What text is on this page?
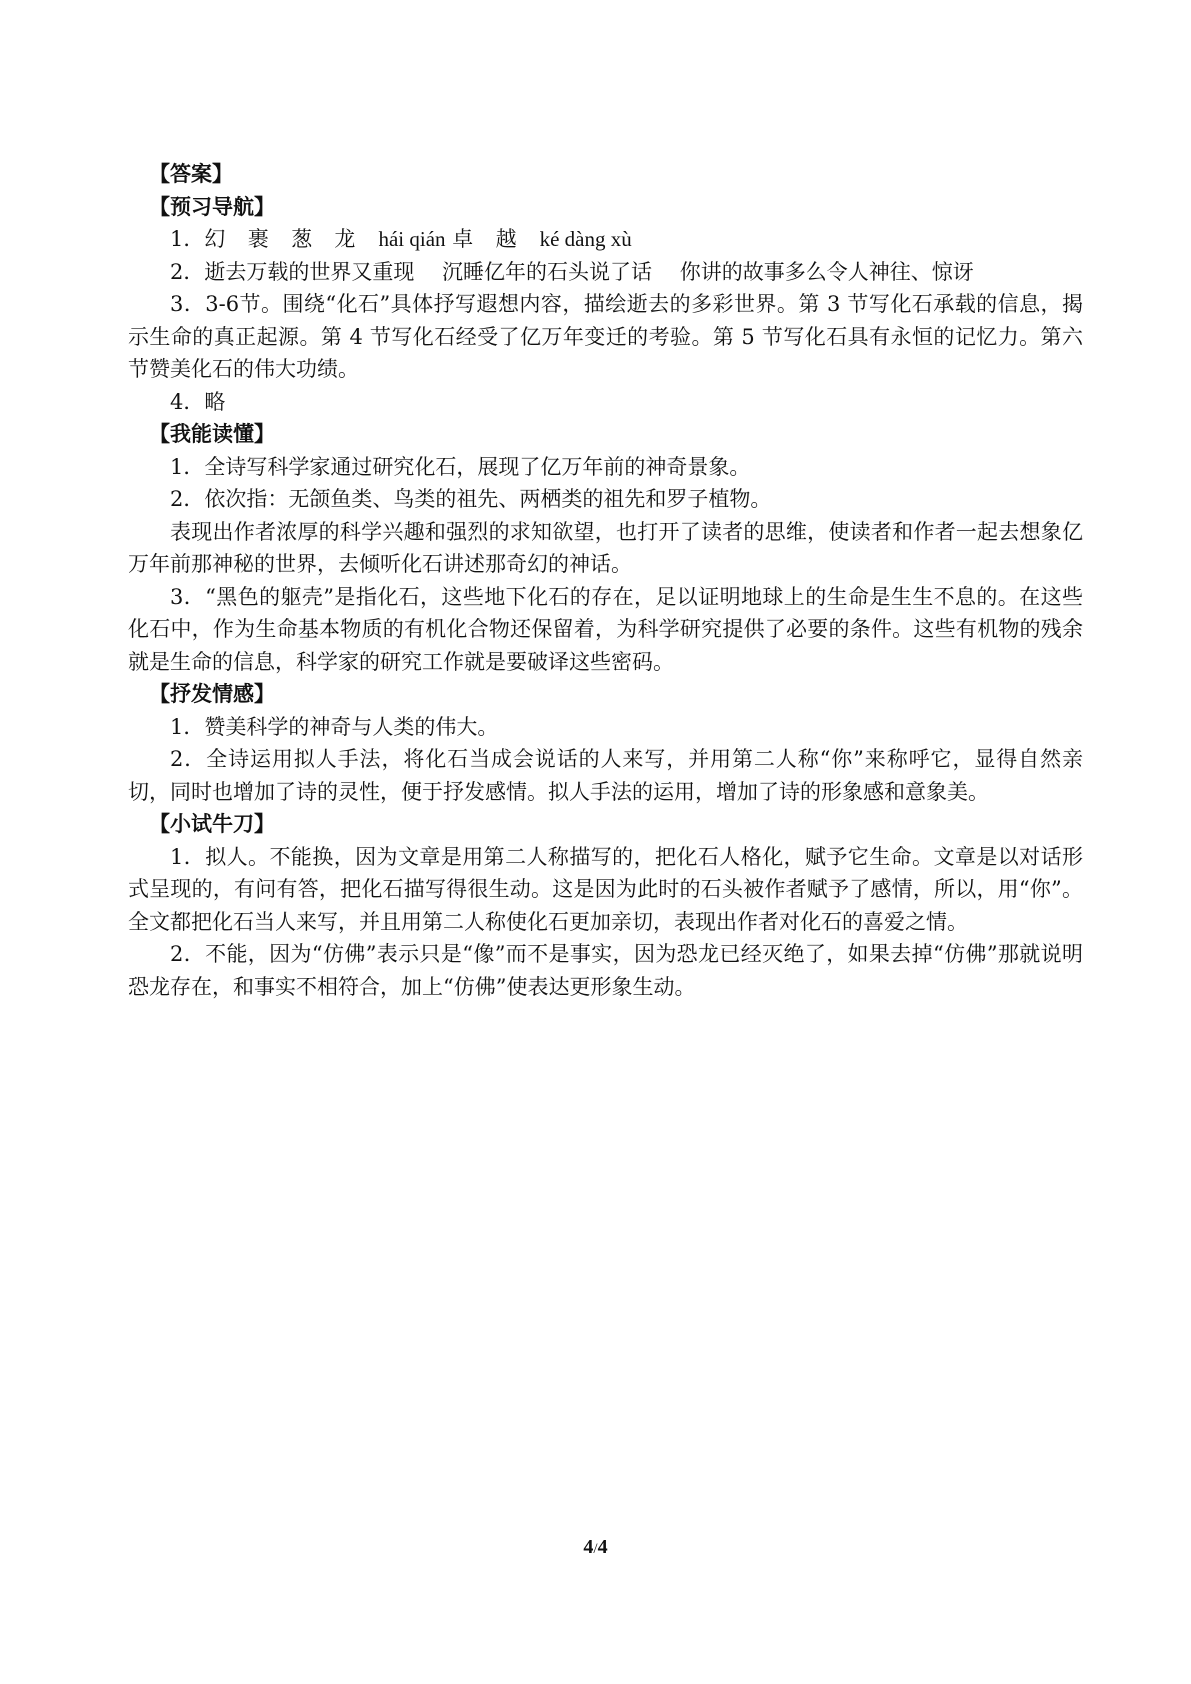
【答案】
【预习导航】
1．幻  裹  葱  龙 hái qián 卓  越 ké dàng xù
2．逝去万载的世界又重现　 沉睡亿年的石头说了话　 你讲的故事多么令人神往、惊讶
3．3-6节。围绕“化石”具体抒写遐想内容，描绘逝去的多彩世界。第 3 节写化石承载的信息，揭示生命的真正起源。第 4 节写化石经受了亿万年变迁的考验。第 5 节写化石具有永恒的记忆力。第六节赞美化石的伟大功绩。
4．略
【我能读懂】
1．全诗写科学家通过研究化石，展现了亿万年前的神奇景象。
2．依次指：无颌鱼类、鸟类的祖先、两栖类的祖先和罗子植物。
表现出作者浓厚的科学兴趣和强烈的求知欲望，也打开了读者的思维，使读者和作者一起去想象亿万年前那神秘的世界，去倾听化石讲述那奇幻的神话。
3．“黑色的躯壳”是指化石，这些地下化石的存在，足以证明地球上的生命是生生不息的。在这些化石中，作为生命基本物质的有机化合物还保留着，为科学研究提供了必要的条件。这些有机物的残余就是生命的信息，科学家的研究工作就是要破译这些密码。
【抒发情感】
1．赞美科学的神奇与人类的伟大。
2．全诗运用拟人手法，将化石当成会说话的人来写，并用第二人称“你”来称呼它，显得自然亲切，同时也增加了诗的灵性，便于抒发感情。拟人手法的运用，增加了诗的形象感和意象美。
【小试牛刀】
1．拟人。不能换，因为文章是用第二人称描写的，把化石人格化，赋予它生命。文章是以对话形式呈现的，有问有答，把化石描写得很生动。这是因为此时的石头被作者赋予了感情，所以，用“你”。全文都把化石当人来写，并且用第二人称使化石更加亲切，表现出作者对化石的喜爱之情。
2．不能，因为“仿佛”表示只是“像”而不是事实，因为恐龙已经灭绝了，如果去掉“仿佛”那就说明恐龙存在，和事实不相符合，加上“仿佛”使表达更形象生动。
4/4
